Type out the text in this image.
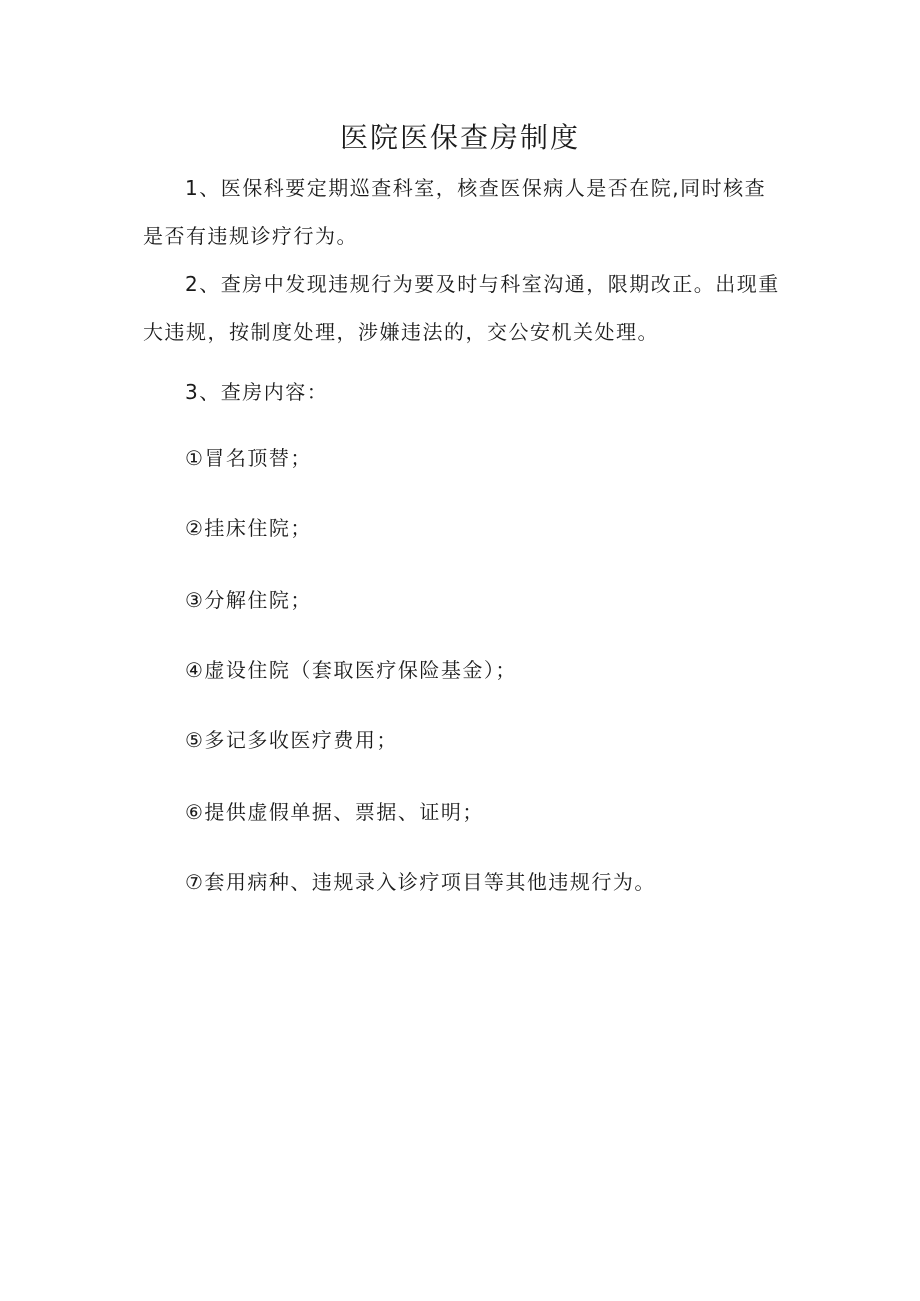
医院医保查房制度
1、医保科要定期巡查科室，核查医保病人是否在院,同时核查是否有违规诊疗行为。
2、查房中发现违规行为要及时与科室沟通，限期改正。出现重大违规，按制度处理，涉嫌违法的，交公安机关处理。
3、查房内容：
①冒名顶替；
②挂床住院；
③分解住院；
④虚设住院（套取医疗保险基金）；
⑤多记多收医疗费用；
⑥提供虚假单据、票据、证明；
⑦套用病种、违规录入诊疗项目等其他违规行为。
